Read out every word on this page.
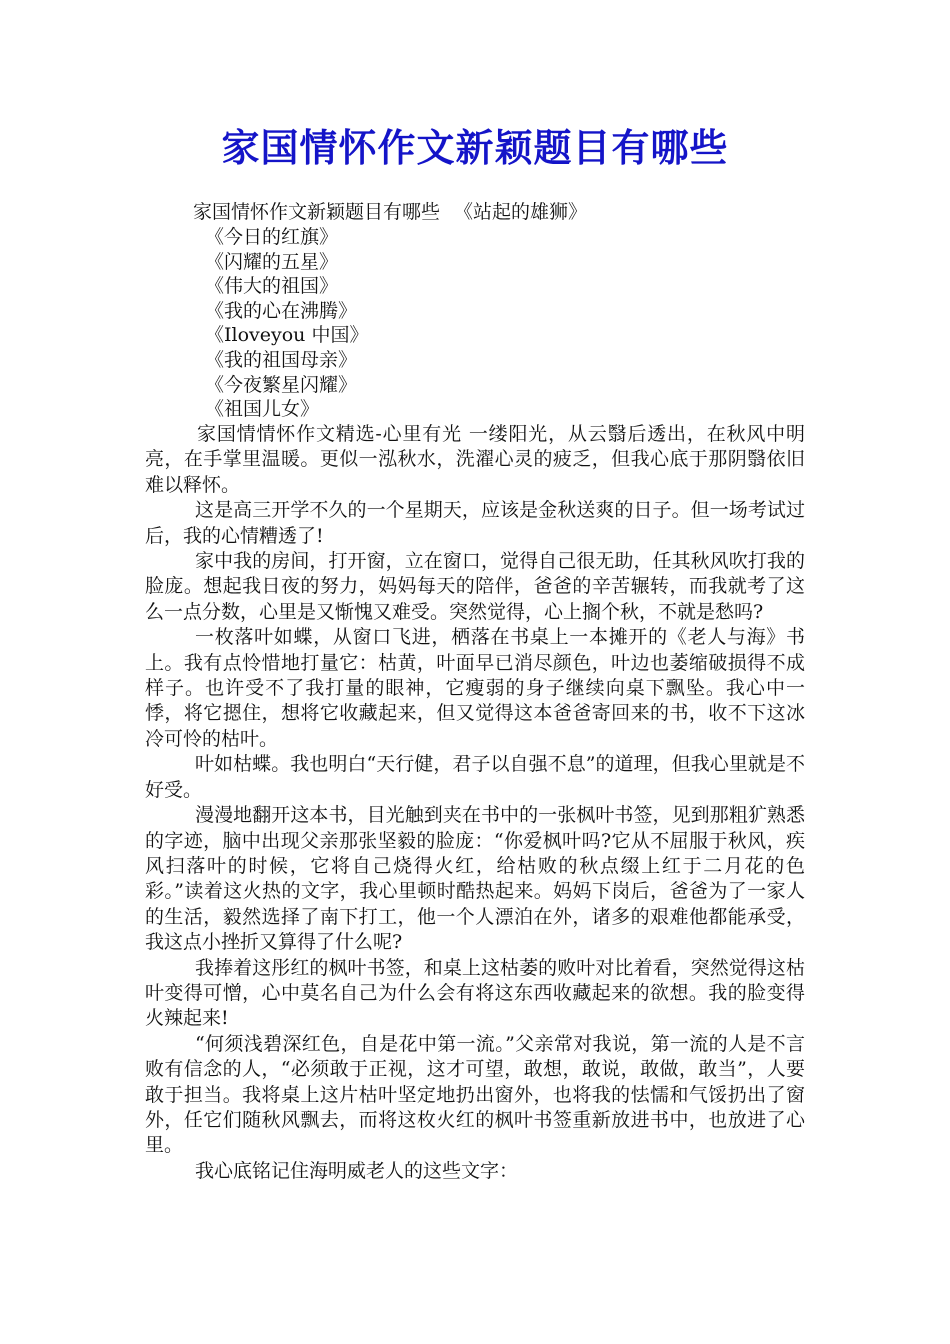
家国情怀作文新颖题目有哪些

家国情怀作文新颖题目有哪些 《站起的雄狮》

《今日的红旗》
《闪耀的五星》
《伟大的祖国》
《我的心在沸腾》
《Iloveyou 中国》
《我的祖国母亲》
《今夜繁星闪耀》
《祖国儿女》

家国情情怀作文精选-心里有光 一缕阳光，从云翳后透出，在秋风中明亮，在手掌里温暖。更似一泓秋水，洗濯心灵的疲乏，但我心底于那阴翳依旧难以释怀。

这是高三开学不久的一个星期天，应该是金秋送爽的日子。但一场考试过后，我的心情糟透了!

家中我的房间，打开窗，立在窗口，觉得自己很无助，任其秋风吹打我的脸庞。想起我日夜的努力，妈妈每天的陪伴，爸爸的辛苦辗转，而我就考了这么一点分数，心里是又惭愧又难受。突然觉得，心上搁个秋，不就是愁吗?

一枚落叶如蝶，从窗口飞进，栖落在书桌上一本摊开的《老人与海》书上。我有点怜惜地打量它：枯黄，叶面早已消尽颜色，叶边也萎缩破损得不成样子。也许受不了我打量的眼神，它瘦弱的身子继续向桌下飘坠。我心中一悸，将它摁住，想将它收藏起来，但又觉得这本爸爸寄回来的书，收不下这冰冷可怜的枯叶。

叶如枯蝶。我也明白“天行健，君子以自强不息”的道理，但我心里就是不好受。

漫漫地翻开这本书，目光触到夹在书中的一张枫叶书签，见到那粗犷熟悉的字迹，脑中出现父亲那张坚毅的脸庞：“你爱枫叶吗?它从不屈服于秋风，疾风扫落叶的时候，它将自己烧得火红，给枯败的秋点缀上红于二月花的色彩。”读着这火热的文字，我心里顿时酷热起来。妈妈下岗后，爸爸为了一家人的生活，毅然选择了南下打工，他一个人漂泊在外，诸多的艰难他都能承受，我这点小挫折又算得了什么呢?

我捧着这彤红的枫叶书签，和桌上这枯萎的败叶对比着看，突然觉得这枯叶变得可憎，心中莫名自己为什么会有将这东西收藏起来的欲想。我的脸变得火辣起来!

“何须浅碧深红色，自是花中第一流。”父亲常对我说，第一流的人是不言败有信念的人，“必须敢于正视，这才可望，敢想，敢说，敢做，敢当”，人要敢于担当。我将桌上这片枯叶坚定地扔出窗外，也将我的怯懦和气馁扔出了窗外，任它们随秋风飘去，而将这枚火红的枫叶书签重新放进书中，也放进了心里。

我心底铭记住海明威老人的这些文字：
